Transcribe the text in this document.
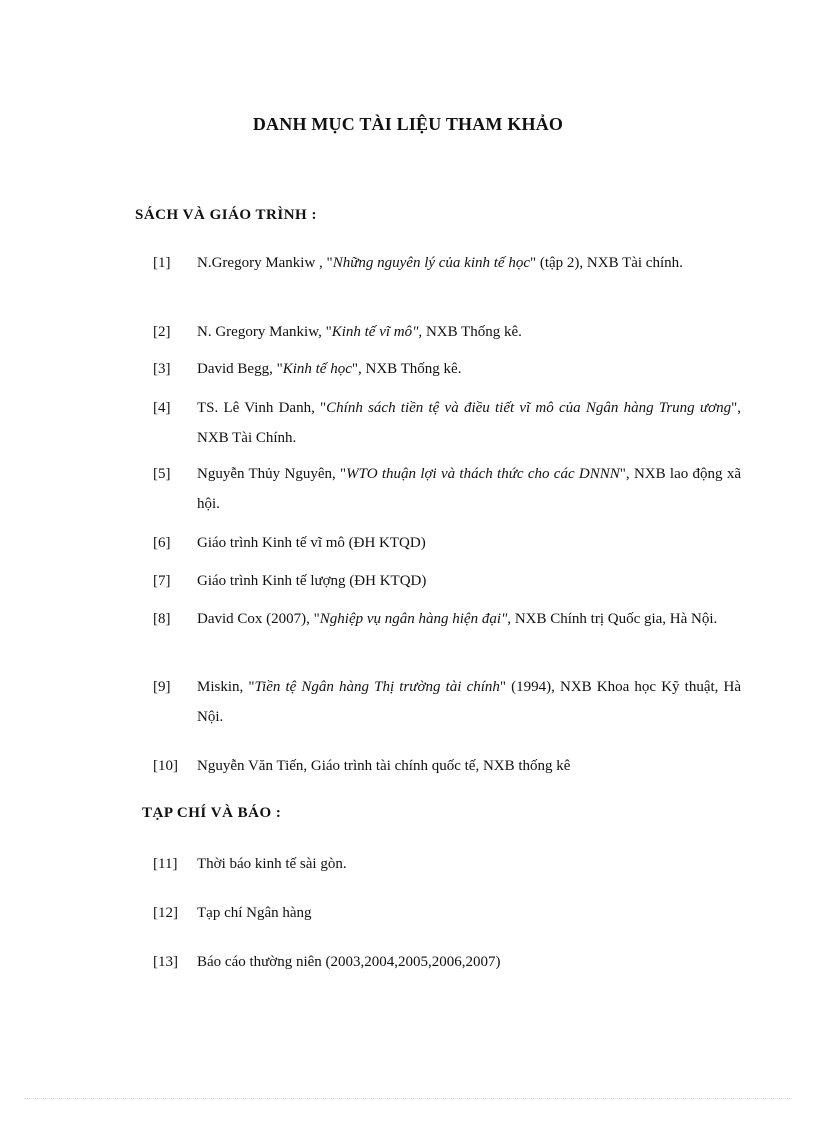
DANH MỤC TÀI LIỆU THAM KHẢO
SÁCH VÀ GIÁO TRÌNH :
[1]	N.Gregory Mankiw , "Những nguyên lý của kinh tế học" (tập 2), NXB Tài chính.
[2]	N. Gregory Mankiw, "Kinh tế vĩ mô", NXB Thống kê.
[3]	David Begg, "Kinh tế học", NXB Thống kê.
[4]	TS. Lê Vinh Danh, "Chính sách tiền tệ và điều tiết vĩ mô của Ngân hàng Trung ương", NXB Tài Chính.
[5]	Nguyễn Thủy Nguyên, "WTO thuận lợi và thách thức cho các DNNN", NXB lao động xã hội.
[6]	Giáo trình Kinh tế vĩ mô (ĐH KTQD)
[7]	Giáo trình Kinh tế lượng (ĐH KTQD)
[8]	David Cox (2007), "Nghiệp vụ ngân hàng hiện đại", NXB Chính trị Quốc gia, Hà Nội.
[9]	Miskin, "Tiền tệ Ngân hàng Thị trường tài chính" (1994), NXB Khoa học Kỹ thuật, Hà Nội.
[10]	Nguyễn Văn Tiến, Giáo trình tài chính quốc tế, NXB thống kê
TẠP CHÍ VÀ BÁO :
[11]	Thời báo kinh tế sài gòn.
[12]	Tạp chí Ngân hàng
[13]	Báo cáo thường niên (2003,2004,2005,2006,2007)
